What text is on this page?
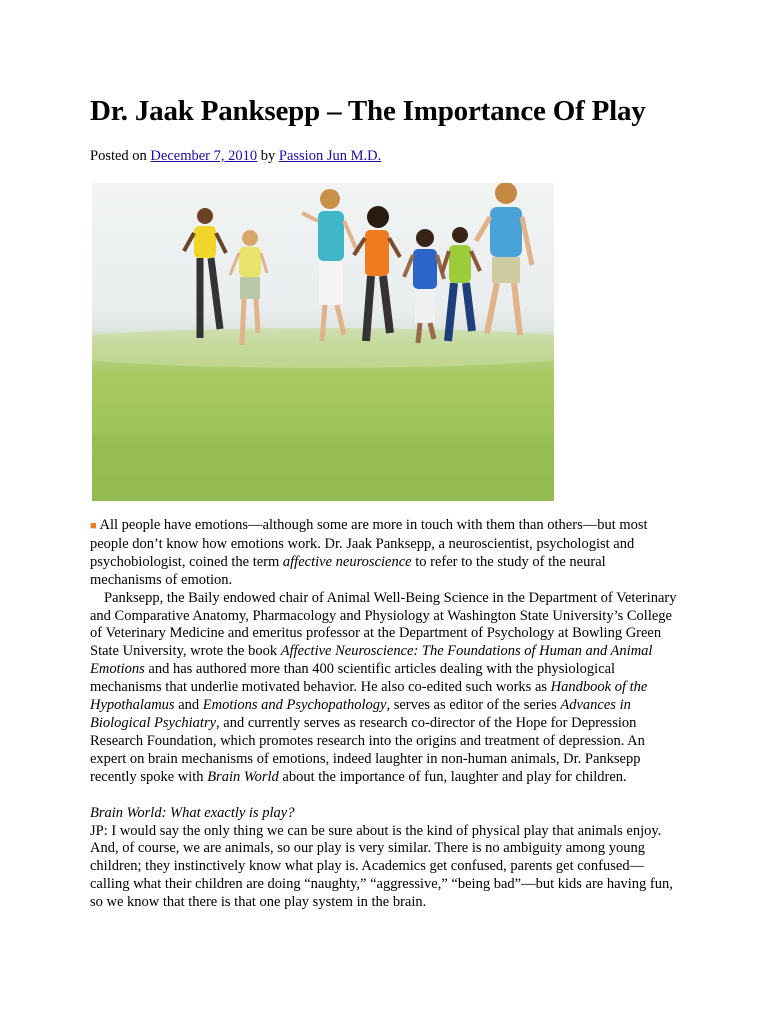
Dr. Jaak Panksepp – The Importance Of Play
Posted on December 7, 2010 by Passion Jun M.D.

■ All people have emotions—although some are more in touch with them than others—but most people don’t know how emotions work. Dr. Jaak Panksepp, a neuroscientist, psychologist and psychobiologist, coined the term affective neuroscience to refer to the study of the neural mechanisms of emotion.

Panksepp, the Baily endowed chair of Animal Well-Being Science in the Department of Veterinary and Comparative Anatomy, Pharmacology and Physiology at Washington State University’s College of Veterinary Medicine and emeritus professor at the Department of Psychology at Bowling Green State University, wrote the book Affective Neuroscience: The Foundations of Human and Animal Emotions and has authored more than 400 scientific articles dealing with the physiological mechanisms that underlie motivated behavior. He also co-edited such works as Handbook of the Hypothalamus and Emotions and Psychopathology, serves as editor of the series Advances in Biological Psychiatry, and currently serves as research co-director of the Hope for Depression Research Foundation, which promotes research into the origins and treatment of depression. An expert on brain mechanisms of emotions, indeed laughter in non-human animals, Dr. Panksepp recently spoke with Brain World about the importance of fun, laughter and play for children.

Brain World: What exactly is play?

JP: I would say the only thing we can be sure about is the kind of physical play that animals enjoy. And, of course, we are animals, so our play is very similar. There is no ambiguity among young children; they instinctively know what play is. Academics get confused, parents get confused—calling what their children are doing “naughty,” “aggressive,” “being bad”—but kids are having fun, so we know that there is that one play system in the brain.
